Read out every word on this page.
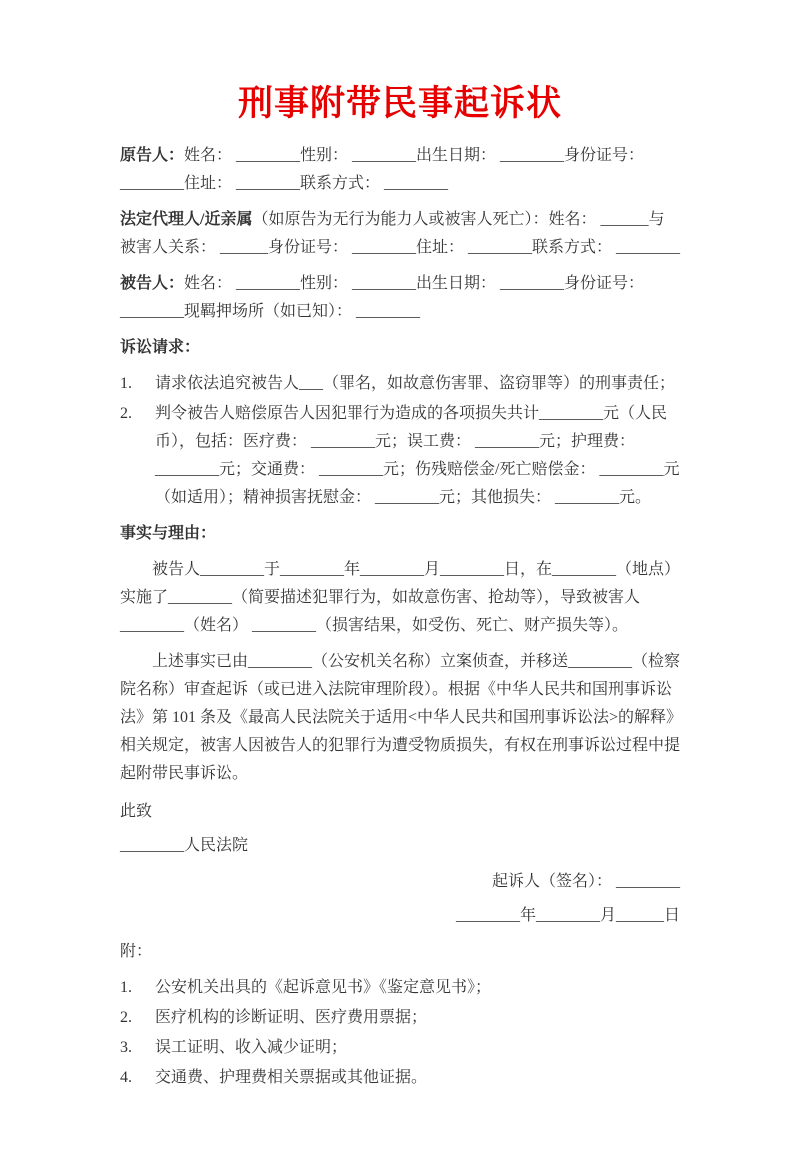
刑事附带民事起诉状

原告人：姓名： ________性别： ________出生日期： ________身份证号： ________住址： ________联系方式： ________

法定代理人/近亲属（如原告为无行为能力人或被害人死亡）：姓名： ______与被害人关系： ______身份证号： ________住址： ________联系方式： ________

被告人：姓名： ________性别： ________出生日期： ________身份证号： ________现羁押场所（如已知）： ________

诉讼请求：

1.	请求依法追究被告人___（罪名，如故意伤害罪、盗窃罪等）的刑事责任；
2.	判令被告人赔偿原告人因犯罪行为造成的各项损失共计________元（人民币），包括：医疗费： ________元；误工费： ________元；护理费： ________元；交通费： ________元；伤残赔偿金/死亡赔偿金： ________元（如适用）；精神损害抚慰金： ________元；其他损失： ________元。

事实与理由：

被告人________于________年________月________日，在________（地点）实施了________（简要描述犯罪行为，如故意伤害、抢劫等），导致被害人________（姓名） ________（损害结果，如受伤、死亡、财产损失等）。

上述事实已由________（公安机关名称）立案侦查，并移送________（检察院名称）审查起诉（或已进入法院审理阶段）。根据《中华人民共和国刑事诉讼法》第 101 条及《最高人民法院关于适用<中华人民共和国刑事诉讼法>的解释》相关规定，被害人因被告人的犯罪行为遭受物质损失，有权在刑事诉讼过程中提起附带民事诉讼。

此致

________人民法院

起诉人（签名）： ________

________年________月______日

附：

1.	公安机关出具的《起诉意见书》《鉴定意见书》；
2.	医疗机构的诊断证明、医疗费用票据；
3.	误工证明、收入减少证明；
4.	交通费、护理费相关票据或其他证据。
